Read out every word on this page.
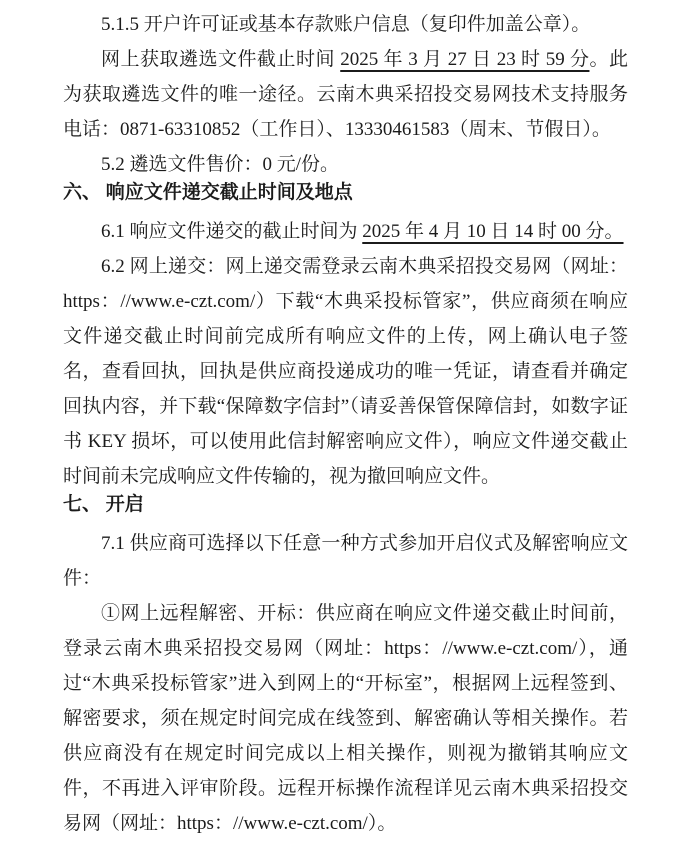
5.1.5 开户许可证或基本存款账户信息（复印件加盖公章）。

网上获取遴选文件截止时间 2025 年 3 月 27 日 23 时 59 分。此为获取遴选文件的唯一途径。云南木典采招投交易网技术支持服务电话：0871-63310852（工作日）、13330461583（周末、节假日）。

5.2 遴选文件售价：0 元/份。

六、 响应文件递交截止时间及地点

6.1 响应文件递交的截止时间为 2025 年 4 月 10 日 14 时 00 分。

6.2 网上递交：网上递交需登录云南木典采招投交易网（网址：https：//www.e-czt.com/）下载“木典采投标管家”，供应商须在响应文件递交截止时间前完成所有响应文件的上传，网上确认电子签名，查看回执，回执是供应商投递成功的唯一凭证，请查看并确定回执内容，并下载“保障数字信封”（请妥善保管保障信封，如数字证书 KEY 损坏，可以使用此信封解密响应文件），响应文件递交截止时间前未完成响应文件传输的，视为撤回响应文件。

七、 开启

7.1 供应商可选择以下任意一种方式参加开启仪式及解密响应文件：

①网上远程解密、开标：供应商在响应文件递交截止时间前，登录云南木典采招投交易网（网址：https：//www.e-czt.com/），通过“木典采投标管家”进入到网上的“开标室”，根据网上远程签到、解密要求，须在规定时间完成在线签到、解密确认等相关操作。若供应商没有在规定时间完成以上相关操作，则视为撤销其响应文件，不再进入评审阶段。远程开标操作流程详见云南木典采招投交易网（网址：https：//www.e-czt.com/）。
